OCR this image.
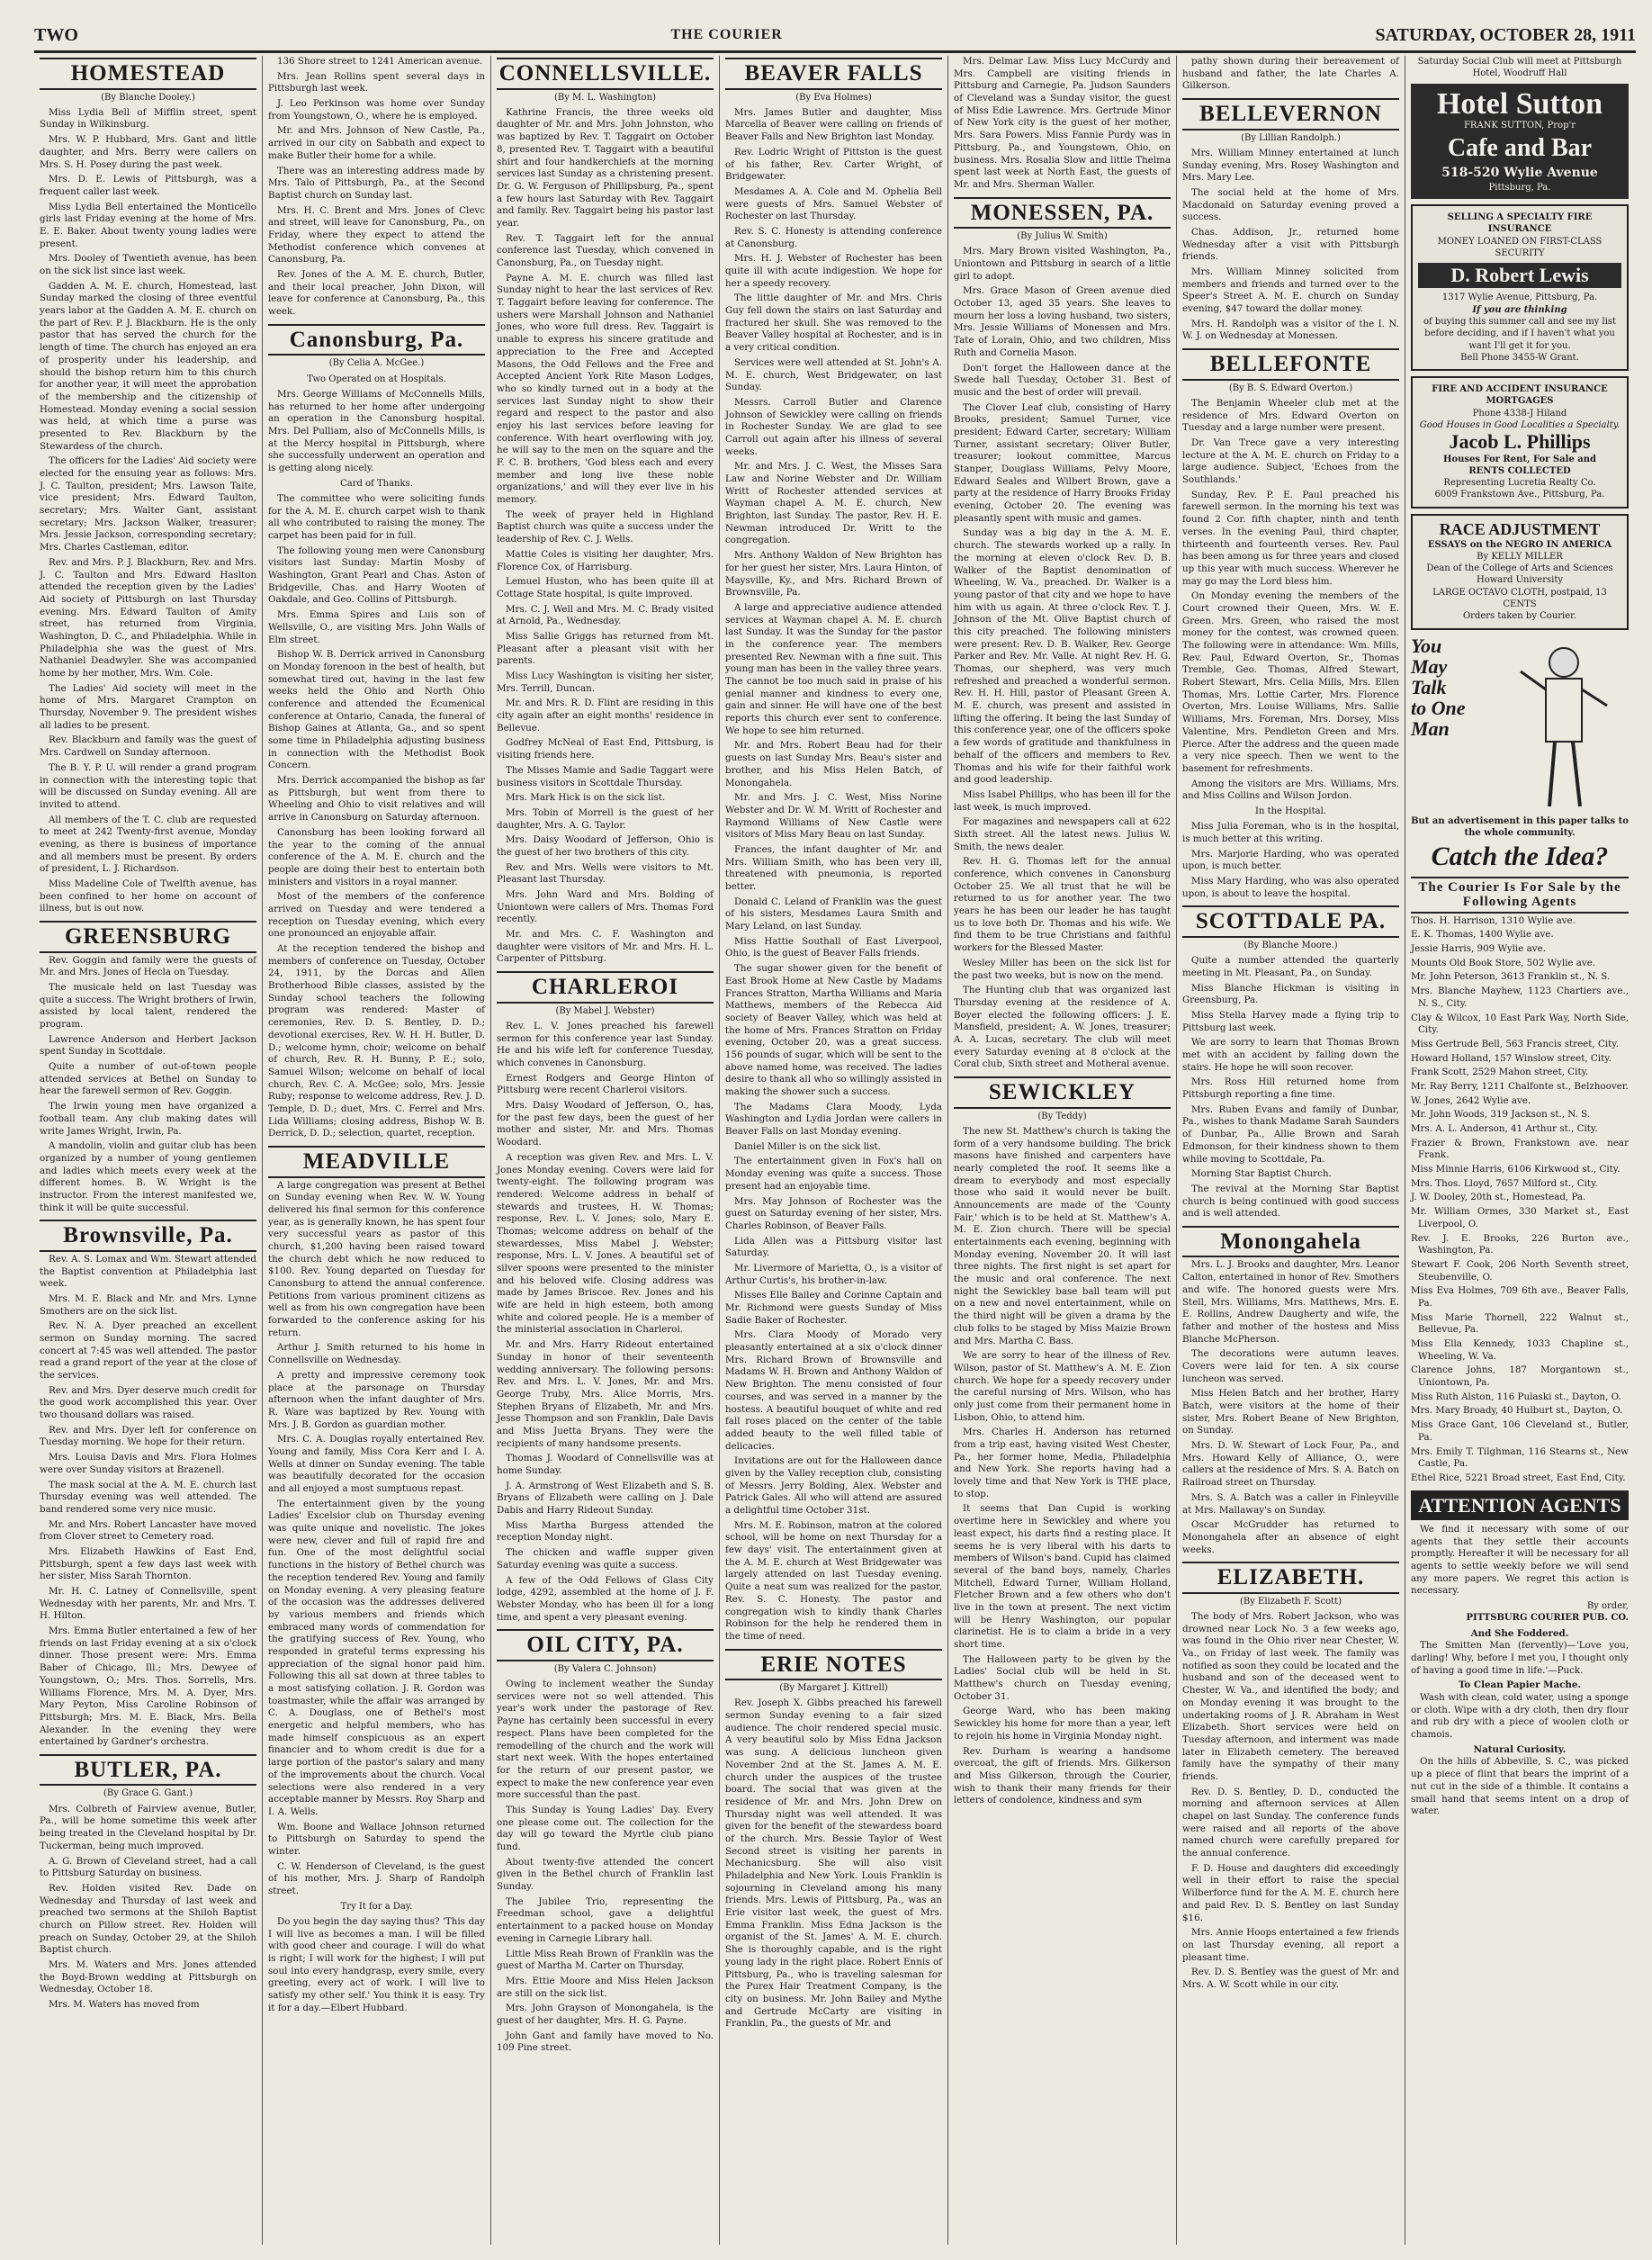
TWO	THE COURIER	SATURDAY, OCTOBER 28, 1911
HOMESTEAD
(By Blanche Dooley.)

Miss Lydia Bell of Mifflin street, spent Sunday in Wilkinsburg.

Mrs. W. P. Hubbard, Mrs. Gant and little daughter, and Mrs. Berry were callers on Mrs. S. H. Posey during the past week.

Mrs. D. E. Lewis of Pittsburgh, was a frequent caller last week.

Miss Lydia Bell entertained the Monticello girls last Friday evening at the home of Mrs. E. E. Baker. About twenty young ladies were present.

Mrs. Dooley of Twentieth avenue, has been on the sick list since last week.

Gadden A. M. E. church, Homestead, last Sunday marked the closing of three eventful years labor at the Gadden A. M. E. church on the part of Rev. P. J. Blackburn. He is the only pastor that has served the church for the length of time. The church has enjoyed an era of prosperity under his leadership, and should the bishop return him to this church for another year, it will meet the approbation of the membership and the citizenship of Homestead. Monday evening a social session was held, at which time a purse was presented to Rev. Blackburn by the Stewardess of the church.

The officers for the Ladies' Aid society were elected for the ensuing year as follows: Mrs. J. C. Taulton, president; Mrs. Lawson Taite, vice president; Mrs. Edward Taulton, secretary; Mrs. Walter Gant, assistant secretary; Mrs. Jackson Walker, treasurer; Mrs. Jessie Jackson, corresponding secretary; Mrs. Charles Castleman, editor.

Rev. and Mrs. P. J. Blackburn, Rev. and Mrs. J. C. Taulton and Mrs. Edward Haslton attended the reception given by the Ladies' Aid society of Pittsburgh on last Thursday evening. Mrs. Edward Taulton of Amity street, has returned from Virginia, Washington, D. C., and Philadelphia. While in Philadelphia she was the guest of Mrs. Nathaniel Deadwyler. She was accompanied home by her mother, Mrs. Wm. Cole.

The Ladies' Aid society will meet in the home of Mrs. Margaret Crampton on Thursday, November 9. The president wishes all ladies to be present.

Rev. Blackburn and family was the guest of Mrs. Cardwell on Sunday afternoon.

The B. Y. P. U. will render a grand program in connection with the interesting topic that will be discussed on Sunday evening. All are invited to attend.

All members of the T. C. club are requested to meet at 242 Twenty-first avenue, Monday evening, as there is business of importance and all members must be present. By orders of president, L. J. Richardson.

Miss Madeline Cole of Twelfth avenue, has been confined to her home on account of illness, but is out now.

GREENSBURG

Rev. Goggin and family were the guests of Mr. and Mrs. Jones of Hecla on Tuesday.

The musicale held on last Tuesday was quite a success. The Wright brothers of Irwin, assisted by local talent, rendered the program.

Lawrence Anderson and Herbert Jackson spent Sunday in Scottdale.

Quite a number of out-of-town people attended services at Bethel on Sunday to hear the farewell sermon of Rev. Goggin.

The Irwin young men have organized a football team. Any club making dates will write James Wright, Irwin, Pa.

A mandolin, violin and guitar club has been organized by a number of young gentlemen and ladies which meets every week at the different homes. B. W. Wright is the instructor. From the interest manifested we, think it will be quite successful.

Brownsville, Pa.

Rev. A. S. Lomax and Wm. Stewart attended the Baptist convention at Philadelphia last week.

Mrs. M. E. Black and Mr. and Mrs. Lynne Smothers are on the sick list.

Rev. N. A. Dyer preached an excellent sermon on Sunday morning. The sacred concert at 7:45 was well attended. The pastor read a grand report of the year at the close of the services.

Rev. and Mrs. Dyer deserve much credit for the good work accomplished this year. Over two thousand dollars was raised.

Rev. and Mrs. Dyer left for conference on Tuesday morning. We hope for their return.

Mrs. Louisa Davis and Mrs. Flora Holmes were over Sunday visitors at Brazenell.

The mask social at the A. M. E. church last Thursday evening was well attended. The band rendered some very nice music.

Mr. and Mrs. Robert Lancaster have moved from Clover street to Cemetery road.

Mrs. Elizabeth Hawkins of East End, Pittsburgh, spent a few days last week with her sister, Miss Sarah Thornton.

Mr. H. C. Latney of Connellsville, spent Wednesday with her parents, Mr. and Mrs. T. H. Hilton.

Mrs. Emma Butler entertained a few of her friends on last Friday evening at a six o'clock dinner. Those present were: Mrs. Emma Baber of Chicago, Ill.; Mrs. Dewyee of Youngstown, O.; Mrs. Thos. Sorrells, Mrs. Williams Florence, Mrs. M. A. Dyer, Mrs. Mary Peyton, Miss Caroline Robinson of Pittsburgh; Mrs. M. E. Black, Mrs. Bella Alexander. In the evening they were entertained by Gardner's orchestra.

BUTLER, PA.
(By Grace G. Gant.)

Mrs. Colbreth of Fairview avenue, Butler, Pa., will be home sometime this week after being treated in the Cleveland hospital by Dr. Tuckerman, being much improved.

A. G. Brown of Cleveland street, had a call to Pittsburg Saturday on business.

Rev. Holden visited Rev. Dade on Wednesday and Thursday of last week and preached two sermons at the Shiloh Baptist church on Pillow street. Rev. Holden will preach on Sunday, October 29, at the Shiloh Baptist church.

Mrs. M. Waters and Mrs. Jones attended the Boyd-Brown wedding at Pittsburgh on Wednesday, October 18.

Mrs. M. Waters has moved from

136 Shore street to 1241 American avenue.

Mrs. Jean Rollins spent several days in Pittsburgh last week.

J. Leo Perkinson was home over Sunday from Youngstown, O., where he is employed.

Mr. and Mrs. Johnson of New Castle, Pa., arrived in our city on Sabbath and expect to make Butler their home for a while.

There was an interesting address made by Mrs. Talo of Pittsburgh, Pa., at the Second Baptist church on Sunday last.

Mrs. H. C. Brent and Mrs. Jones of Clevc and street, will leave for Canonsburg, Pa., on Friday, where they expect to attend the Methodist conference which convenes at Canonsburg, Pa.

Rev. Jones of the A. M. E. church, Butler, and their local preacher, John Dixon, will leave for conference at Canonsburg, Pa., this week.

Canonsburg, Pa.
(By Celia A. McGee.)
Two Operated on at Hospitals.

Mrs. George Williams of McConnells Mills, has returned to her home after undergoing an operation in the Canonsburg hospital. Mrs. Del Pulliam, also of McConnells Mills, is at the Mercy hospital in Pittsburgh, where she successfully underwent an operation and is getting along nicely.

Card of Thanks.

The committee who were soliciting funds for the A. M. E. church carpet wish to thank all who contributed to raising the money. The carpet has been paid for in full.

The following young men were Canonsburg visitors last Sunday: Martin Mosby of Washington, Grant Pearl and Chas. Aston of Bridgeville, Chas. and Harry Wooten of Oakdale, and Geo. Collins of Pittsburgh.

Mrs. Emma Spires and Luis son of Wellsville, O., are visiting Mrs. John Walls of Elm street.

Bishop W. B. Derrick arrived in Canonsburg on Monday forenoon in the best of health, but somewhat tired out, having in the last few weeks held the Ohio and North Ohio conference and attended the Ecumenical conference at Ontario, Canada, the funeral of Bishop Gaines at Atlanta, Ga., and so spent some time in Philadelphia adjusting business in connection with the Methodist Book Concern.

Mrs. Derrick accompanied the bishop as far as Pittsburgh, but went from there to Wheeling and Ohio to visit relatives and will arrive in Canonsburg on Saturday afternoon.

Canonsburg has been looking forward all the year to the coming of the annual conference of the A. M. E. church and the people are doing their best to entertain both ministers and visitors in a royal manner.

Most of the members of the conference arrived on Tuesday and were tendered a reception on Tuesday evening, which every one pronounced an enjoyable affair.

At the reception tendered the bishop and members of conference on Tuesday, October 24, 1911, by the Dorcas and Allen Brotherhood Bible classes, assisted by the Sunday school teachers the following program was rendered: Master of ceremonies, Rev. D. S. Bentley, D. D.; devotional exercises, Rev. W. H. H. Butler, D. D.; welcome hymn, choir; welcome on behalf of church, Rev. R. H. Bunny, P. E.; solo, Samuel Wilson; welcome on behalf of local church, Rev. C. A. McGee; solo, Mrs. Jessie Ruby; response to welcome address, Rev. J. D. Temple, D. D.; duet, Mrs. C. Ferrel and Mrs. Lida Williams; closing address, Bishop W. B. Derrick, D. D.; selection, quartet, reception.

MEADVILLE

A large congregation was present at Bethel on Sunday evening when Rev. W. W. Young delivered his final sermon for this conference year, as is generally known, he has spent four very successful years as pastor of this church, $1,200 having been raised toward the church debt which he now reduced to $100. Rev. Young departed on Tuesday for Canonsburg to attend the annual conference. Petitions from various prominent citizens as well as from his own congregation have been forwarded to the conference asking for his return.

Arthur J. Smith returned to his home in Connellsville on Wednesday.

A pretty and impressive ceremony took place at the parsonage on Thursday afternoon when the infant daughter of Mrs. R. Ware was baptized by Rev. Young with Mrs. J. B. Gordon as guardian mother.

Mrs. C. A. Douglas royally entertained Rev. Young and family, Miss Cora Kerr and I. A. Wells at dinner on Sunday evening. The table was beautifully decorated for the occasion and all enjoyed a most sumptuous repast.

The entertainment given by the young Ladies' Excelsior club on Thursday evening was quite unique and novelistic. The jokes were new, clever and full of rapid fire and fun. One of the most delightful social functions in the history of Bethel church was the reception tendered Rev. Young and family on Monday evening. A very pleasing feature of the occasion was the addresses delivered by various members and friends which embraced many words of commendation for the gratifying success of Rev. Young, who responded in grateful terms expressing his appreciation of the signal honor paid him. Following this all sat down at three tables to a most satisfying collation. J. R. Gordon was toastmaster, while the affair was arranged by C. A. Douglass, one of Bethel's most energetic and helpful members, who has made himself conspicuous as an expert financier and to whom credit is due for a large portion of the pastor's salary and many of the improvements about the church. Vocal selections were also rendered in a very acceptable manner by Messrs. Roy Sharp and I. A. Wells.

Wm. Boone and Wallace Johnson returned to Pittsburgh on Saturday to spend the winter.

C. W. Henderson of Cleveland, is the guest of his mother, Mrs. J. Sharp of Randolph street.

Try It for a Day.

Do you begin the day saying thus? 'This day I will live as becomes a man. I will be filled with good cheer and courage. I will do what is right; I will work for the highest; I will put soul into every handgrasp, every smile, every greeting, every act of work. I will live to satisfy my other self.' You think it is easy. Try it for a day.—Elbert Hubbard.

CONNELLSVILLE.
(By M. L. Washington)

Kathrine Francis, the three weeks old daughter of Mr. and Mrs. John Johnston, who was baptized by Rev. T. Taggairt on October 8, presented Rev. T. Taggairt with a beautiful shirt and four handkerchiefs at the morning services last Sunday as a christening present. Dr. G. W. Ferguson of Phillipsburg, Pa., spent a few hours last Saturday with Rev. Taggairt and family. Rev. Taggairt being his pastor last year.

Rev. T. Taggairt left for the annual conference last Tuesday, which convened in Canonsburg, Pa., on Tuesday night.

Payne A. M. E. church was filled last Sunday night to hear the last services of Rev. T. Taggairt before leaving for conference. The ushers were Marshall Johnson and Nathaniel Jones, who wore full dress. Rev. Taggairt is unable to express his sincere gratitude and appreciation to the Free and Accepted Masons, the Odd Fellows and the Free and Accepted Ancient York Rite Mason Lodges, who so kindly turned out in a body at the services last Sunday night to show their regard and respect to the pastor and also enjoy his last services before leaving for conference. With heart overflowing with joy, he will say to the men on the square and the F. C. B. brothers, 'God bless each and every member and long live these noble organizations,' and will they ever live in his memory.

The week of prayer held in Highland Baptist church was quite a success under the leadership of Rev. C. J. Wells.

Mattie Coles is visiting her daughter, Mrs. Florence Cox, of Harrisburg.

Lemuel Huston, who has been quite ill at Cottage State hospital, is quite improved.

Mrs. C. J. Well and Mrs. M. C. Brady visited at Arnold, Pa., Wednesday.

Miss Sallie Griggs has returned from Mt. Pleasant after a pleasant visit with her parents.

Miss Lucy Washington is visiting her sister, Mrs. Terrill, Duncan.

Mr. and Mrs. R. D. Flint are residing in this city again after an eight months' residence in Bellevue.

Godfrey McNeal of East End, Pittsburg, is visiting friends here.

The Misses Mamie and Sadie Taggart were business visitors in Scottdale Thursday.

Mrs. Mark Hick is on the sick list.

Mrs. Tobin of Morrell is the guest of her daughter, Mrs. A. G. Taylor.

Mrs. Daisy Woodard of Jefferson, Ohio is the guest of her two brothers of this city.

Rev. and Mrs. Wells were visitors to Mt. Pleasant last Thursday.

Mrs. John Ward and Mrs. Bolding of Uniontown were callers of Mrs. Thomas Ford recently.

Mr. and Mrs. C. F. Washington and daughter were visitors of Mr. and Mrs. H. L. Carpenter of Pittsburg.

CHARLEROI
(By Mabel J. Webster)

Rev. L. V. Jones preached his farewell sermon for this conference year last Sunday. He and his wife left for conference Tuesday, which convenes in Canonsburg.

Ernest Rodgers and George Hinton of Pittsburg were recent Charleroi visitors.

Mrs. Daisy Woodard of Jefferson, O., has, for the past few days, been the guest of her mother and sister, Mr. and Mrs. Thomas Woodard.

A reception was given Rev. and Mrs. L. V. Jones Monday evening. Covers were laid for twenty-eight. The following program was rendered: Welcome address in behalf of stewards and trustees, H. W. Thomas; response, Rev. L. V. Jones; solo, Mary E. Thomas; welcome address on behalf of the stewardesses, Miss Mabel J. Webster; response, Mrs. L. V. Jones. A beautiful set of silver spoons were presented to the minister and his beloved wife. Closing address was made by James Briscoe. Rev. Jones and his wife are held in high esteem, both among white and colored people. He is a member of the ministerial association in Charleroi.

Mr. and Mrs. Harry Rideout entertained Sunday in honor of their seventeenth wedding anniversary. The following persons: Rev. and Mrs. L. V. Jones, Mr. and Mrs. George Truby, Mrs. Alice Morris, Mrs. Stephen Bryans of Elizabeth, Mr. and Mrs. Jesse Thompson and son Franklin, Dale Davis and Miss Juetta Bryans. They were the recipients of many handsome presents.

Thomas J. Woodard of Connellsville was at home Sunday.

J. A. Armstrong of West Elizabeth and S. B. Bryans of Elizabeth were calling on J. Dale Dabis and Harry Rideout Sunday.

Miss Martha Burgess attended the reception Monday night.

The chicken and waffle supper given Saturday evening was quite a success.

A few of the Odd Fellows of Glass City lodge, 4292, assembled at the home of J. F. Webster Monday, who has been ill for a long time, and spent a very pleasant evening.

OIL CITY, PA.
(By Valera C. Johnson)

Owing to inclement weather the Sunday services were not so well attended. This year's work under the pastorage of Rev. Payne has certainly been successful in every respect. Plans have been completed for the remodelling of the church and the work will start next week. With the hopes entertained for the return of our present pastor, we expect to make the new conference year even more successful than the past.

This Sunday is Young Ladies' Day. Every one please come out. The collection for the day will go toward the Myrtle club piano fund.

About twenty-five attended the concert given in the Bethel church of Franklin last Sunday.

The Jubilee Trio, representing the Freedman school, gave a delightful entertainment to a packed house on Monday evening in Carnegie Library hall.

Little Miss Reah Brown of Franklin was the guest of Martha M. Carter on Thursday.

Mrs. Ettie Moore and Miss Helen Jackson are still on the sick list.

Mrs. John Grayson of Monongahela, is the guest of her daughter, Mrs. H. G. Payne.

John Gant and family have moved to No. 109 Pine street.

BEAVER FALLS
(By Eva Holmes)

Mrs. James Butler and daughter, Miss Marcella of Beaver were calling on friends of Beaver Falls and New Brighton last Monday.

Rev. Lodric Wright of Pittston is the guest of his father, Rev. Carter Wright, of Bridgewater.

Mesdames A. A. Cole and M. Ophelia Bell were guests of Mrs. Samuel Webster of Rochester on last Thursday.

Rev. S. C. Honesty is attending conference at Canonsburg.

Mrs. H. J. Webster of Rochester has been quite ill with acute indigestion. We hope for her a speedy recovery.

The little daughter of Mr. and Mrs. Chris Guy fell down the stairs on last Saturday and fractured her skull. She was removed to the Beaver Valley hospital at Rochester, and is in a very critical condition.

Services were well attended at St. John's A. M. E. church, West Bridgewater, on last Sunday.

Messrs. Carroll Butler and Clarence Johnson of Sewickley were calling on friends in Rochester Sunday. We are glad to see Carroll out again after his illness of several weeks.

Mr. and Mrs. J. C. West, the Misses Sara Law and Norine Webster and Dr. William Writt of Rochester attended services at Wayman chapel A. M. E. church, New Brighton, last Sunday. The pastor, Rev. H. E. Newman introduced Dr. Writt to the congregation.

Mrs. Anthony Waldon of New Brighton has for her guest her sister, Mrs. Laura Hinton, of Maysville, Ky., and Mrs. Richard Brown of Brownsville, Pa.

A large and appreciative audience attended services at Wayman chapel A. M. E. church last Sunday. It was the Sunday for the pastor in the conference year. The members presented Rev. Newman with a fine suit. This young man has been in the valley three years. The cannot be too much said in praise of his genial manner and kindness to every one, gain and sinner. He will have one of the best reports this church ever sent to conference. We hope to see him returned.

Mr. and Mrs. Robert Beau had for their guests on last Sunday Mrs. Beau's sister and brother, and his Miss Helen Batch, of Monongahela.

Mr. and Mrs. J. C. West, Miss Norine Webster and Dr. W. M. Writt of Rochester and Raymond Williams of New Castle were visitors of Miss Mary Beau on last Sunday.

Frances, the infant daughter of Mr. and Mrs. William Smith, who has been very ill, threatened with pneumonia, is reported better.

Donald C. Leland of Franklin was the guest of his sisters, Mesdames Laura Smith and Mary Leland, on last Sunday.

Miss Hattie Southall of East Liverpool, Ohio, is the guest of Beaver Falls friends.

The sugar shower given for the benefit of East Brook Home at New Castle by Madams Frances Stratton, Martha Williams and Maria Matthews, members of the Rebecca Aid society of Beaver Valley, which was held at the home of Mrs. Frances Stratton on Friday evening, October 20, was a great success. 156 pounds of sugar, which will be sent to the above named home, was received. The ladies desire to thank all who so willingly assisted in making the shower such a success.

The Madams Clara Moody, Lyda Washington and Lydia Jordan were callers in Beaver Falls on last Monday evening.

Daniel Miller is on the sick list.

The entertainment given in Fox's hall on Monday evening was quite a success. Those present had an enjoyable time.

Mrs. May Johnson of Rochester was the guest on Saturday evening of her sister, Mrs. Charles Robinson, of Beaver Falls.

Lida Allen was a Pittsburg visitor last Saturday.

Mr. Livermore of Marietta, O., is a visitor of Arthur Curtis's, his brother-in-law.

Misses Elle Bailey and Corinne Captain and Mr. Richmond were guests Sunday of Miss Sadie Baker of Rochester.

Mrs. Clara Moody of Morado very pleasantly entertained at a six o'clock dinner Mrs. Richard Brown of Brownsville and Madams W. H. Brown and Anthony Waldon of New Brighton. The menu consisted of four courses, and was served in a manner by the hostess. A beautiful bouquet of white and red fall roses placed on the center of the table added beauty to the well filled table of delicacies.

Invitations are out for the Halloween dance given by the Valley reception club, consisting of Messrs. Jerry Bolding, Alex. Webster and Patrick Gales. All who will attend are assured a delightful time October 31st.

Mrs. M. E. Robinson, matron at the colored school, will be home on next Thursday for a few days' visit. The entertainment given at the A. M. E. church at West Bridgewater was largely attended on last Tuesday evening. Quite a neat sum was realized for the pastor, Rev. S. C. Honesty. The pastor and congregation wish to kindly thank Charles Robinson for the help he rendered them in the time of need.

ERIE NOTES
(By Margaret J. Kittrell)

Rev. Joseph X. Gibbs preached his farewell sermon Sunday evening to a fair sized audience. The choir rendered special music. A very beautiful solo by Miss Edna Jackson was sung. A delicious luncheon given November 2nd at the St. James A. M. E. church under the auspices of the trustee board. The social that was given at the residence of Mr. and Mrs. John Drew on Thursday night was well attended. It was given for the benefit of the stewardess board of the church. Mrs. Bessie Taylor of West Second street is visiting her parents in Mechanicsburg. She will also visit Philadelphia and New York. Louis Franklin is sojourning in Cleveland among his many friends. Mrs. Lewis of Pittsburg, Pa., was an Erie visitor last week, the guest of Mrs. Emma Franklin. Miss Edna Jackson is the organist of the St. James' A. M. E. church. She is thoroughly capable, and is the right young lady in the right place. Robert Ennis of Pittsburg, Pa., who is traveling salesman for the Purex Hair Treatment Company, is the city on business. Mr. John Bailey and Mythe and Gertrude McCarty are visiting in Franklin, Pa., the guests of Mr. and

Mrs. Delmar Law. Miss Lucy McCurdy and Mrs. Campbell are visiting friends in Pittsburg and Carnegie, Pa. Judson Saunders of Cleveland was a Sunday visitor, the guest of Miss Edie Lawrence. Mrs. Gertrude Minor of New York city is the guest of her mother, Mrs. Sara Powers. Miss Fannie Purdy was in Pittsburg, Pa., and Youngstown, Ohio, on business. Mrs. Rosalia Slow and little Thelma spent last week at North East, the guests of Mr. and Mrs. Sherman Waller.

MONESSEN, PA.
(By Julius W. Smith)

Mrs. Mary Brown visited Washington, Pa., Uniontown and Pittsburg in search of a little girl to adopt.

Mrs. Grace Mason of Green avenue died October 13, aged 35 years. She leaves to mourn her loss a loving husband, two sisters, Mrs. Jessie Williams of Monessen and Mrs. Tate of Lorain, Ohio, and two children, Miss Ruth and Cornelia Mason.

Don't forget the Halloween dance at the Swede hall Tuesday, October 31. Best of music and the best of order will prevail.

The Clover Leaf club, consisting of Harry Brooks, president; Samuel Turner, vice president; Edward Carter, secretary; William Turner, assistant secretary; Oliver Butler, treasurer; lookout committee, Marcus Stanper, Douglass Williams, Pelvy Moore, Edward Seales and Wilbert Brown, gave a party at the residence of Harry Brooks Friday evening, October 20. The evening was pleasantly spent with music and games.

Sunday was a big day in the A. M. E. church. The stewards worked up a rally. In the morning at eleven o'clock Rev. D. B. Walker of the Baptist denomination of Wheeling, W. Va., preached. Dr. Walker is a young pastor of that city and we hope to have him with us again. At three o'clock Rev. T. J. Johnson of the Mt. Olive Baptist church of this city preached. The following ministers were present: Rev. D. B. Walker, Rev. George Parker and Rev. Mr. Valle. At night Rev. H. G. Thomas, our shepherd, was very much refreshed and preached a wonderful sermon. Rev. H. H. Hill, pastor of Pleasant Green A. M. E. church, was present and assisted in lifting the offering. It being the last Sunday of this conference year, one of the officers spoke a few words of gratitude and thankfulness in behalf of the officers and members to Rev. Thomas and his wife for their faithful work and good leadership.

Miss Isabel Phillips, who has been ill for the last week, is much improved.

For magazines and newspapers call at 622 Sixth street. All the latest news. Julius W. Smith, the news dealer.

Rev. H. G. Thomas left for the annual conference, which convenes in Canonsburg October 25. We all trust that he will be returned to us for another year. The two years he has been our leader he has taught us to love both Dr. Thomas and his wife. We find them to be true Christians and faithful workers for the Blessed Master.

Wesley Miller has been on the sick list for the past two weeks, but is now on the mend.

The Hunting club that was organized last Thursday evening at the residence of A. Boyer elected the following officers: J. E. Mansfield, president; A. W. Jones, treasurer; A. A. Lucas, secretary. The club will meet every Saturday evening at 8 o'clock at the Coral club, Sixth street and Motheral avenue.

SEWICKLEY
(By Teddy)

The new St. Matthew's church is taking the form of a very handsome building. The brick masons have finished and carpenters have nearly completed the roof. It seems like a dream to everybody and most especially those who said it would never be built. Announcements are made of the 'County Fair,' which is to be held at St. Matthew's A. M. E. Zion church. There will be special entertainments each evening, beginning with Monday evening, November 20. It will last three nights. The first night is set apart for the music and oral conference. The next night the Sewickley base ball team will put on a new and novel entertainment, while on the third night will be given a drama by the club folks to be staged by Miss Maizie Brown and Mrs. Martha C. Bass.

We are sorry to hear of the illness of Rev. Wilson, pastor of St. Matthew's A. M. E. Zion church. We hope for a speedy recovery under the careful nursing of Mrs. Wilson, who has only just come from their permanent home in Lisbon, Ohio, to attend him.

Mrs. Charles H. Anderson has returned from a trip east, having visited West Chester, Pa., her former home, Media, Philadelphia and New York. She reports having had a lovely time and that New York is THE place, to stop.

It seems that Dan Cupid is working overtime here in Sewickley and where you least expect, his darts find a resting place. It seems he is very liberal with his darts to members of Wilson's band. Cupid has claimed several of the band boys, namely, Charles Mitchell, Edward Turner, William Holland, Fletcher Brown and a few others who don't live in the town at present. The next victim will be Henry Washington, our popular clarinetist. He is to claim a bride in a very short time.

The Halloween party to be given by the Ladies' Social club will be held in St. Matthew's church on Tuesday evening, October 31.

George Ward, who has been making Sewickley his home for more than a year, left to rejoin his home in Virginia Monday night.

Rev. Durham is wearing a handsome overcoat, the gift of friends. Mrs. Gilkerson and Miss Gilkerson, through the Courier, wish to thank their many friends for their letters of condolence, kindness and sym

pathy shown during their bereavement of husband and father, the late Charles A. Gilkerson.

BELLEVERNON
(By Lillian Randolph.)

Mrs. William Minney entertained at lunch Sunday evening, Mrs. Rosey Washington and Mrs. Mary Lee.

The social held at the home of Mrs. Macdonald on Saturday evening proved a success.

Chas. Addison, Jr., returned home Wednesday after a visit with Pittsburgh friends.

Mrs. William Minney solicited from members and friends and turned over to the Speer's Street A. M. E. church on Sunday evening, $47 toward the dollar money.

Mrs. H. Randolph was a visitor of the I. N. W. J. on Wednesday at Monessen.

BELLEFONTE
(By B. S. Edward Overton.)

The Benjamin Wheeler club met at the residence of Mrs. Edward Overton on Tuesday and a large number were present.

Dr. Van Trece gave a very interesting lecture at the A. M. E. church on Friday to a large audience. Subject, 'Echoes from the Southlands.'

Sunday, Rev. P. E. Paul preached his farewell sermon. In the morning his text was found 2 Cor. fifth chapter, ninth and tenth verses. In the evening Paul, third chapter, thirteenth and fourteenth verses. Rev. Paul has been among us for three years and closed up this year with much success. Wherever he may go may the Lord bless him.

On Monday evening the members of the Court crowned their Queen, Mrs. W. E. Green. Mrs. Green, who raised the most money for the contest, was crowned queen. The following were in attendance: Wm. Mills, Rev. Paul, Edward Overton, Sr., Thomas Tremble, Geo. Thomas, Alfred Stewart, Robert Stewart, Mrs. Celia Mills, Mrs. Ellen Thomas, Mrs. Lottie Carter, Mrs. Florence Overton, Mrs. Louise Williams, Mrs. Sallie Williams, Mrs. Foreman, Mrs. Dorsey, Miss Valentine, Mrs. Pendleton Green and Mrs. Pierce. After the address and the queen made a very nice speech. Then we went to the basement for refreshments.

Among the visitors are Mrs. Williams, Mrs. and Miss Collins and Wilson Jordon.

In the Hospital.

Miss Julia Foreman, who is in the hospital, is much better at this writing.

Mrs. Marjorie Harding, who was operated upon, is much better.

Miss Mary Harding, who was also operated upon, is about to leave the hospital.

SCOTTDALE PA.
(By Blanche Moore.)

Quite a number attended the quarterly meeting in Mt. Pleasant, Pa., on Sunday.

Miss Blanche Hickman is visiting in Greensburg, Pa.

Miss Stella Harvey made a flying trip to Pittsburg last week.

We are sorry to learn that Thomas Brown met with an accident by falling down the stairs. He hope he will soon recover.

Mrs. Ross Hill returned home from Pittsburgh reporting a fine time.

Mrs. Ruben Evans and family of Dunbar, Pa., wishes to thank Madame Sarah Saunders of Dunbar, Pa., Allie Brown and Sarah Edmonson, for their kindness shown to them while moving to Scottdale, Pa.

Morning Star Baptist Church.

The revival at the Morning Star Baptist church is being continued with good success and is well attended.

Monongahela

Mrs. L. J. Brooks and daughter, Mrs. Leanor Calton, entertained in honor of Rev. Smothers and wife. The honored guests were Mrs. Stell, Mrs. Williams, Mrs. Matthews, Mrs. E. E. Rollins, Andrew Daugherty and wife, the father and mother of the hostess and Miss Blanche McPherson.

The decorations were autumn leaves. Covers were laid for ten. A six course luncheon was served.

Miss Helen Batch and her brother, Harry Batch, were visitors at the home of their sister, Mrs. Robert Beane of New Brighton, on Sunday.

Mrs. D. W. Stewart of Lock Four, Pa., and Mrs. Howard Kelly of Alliance, O., were callers at the residence of Mrs. S. A. Batch on Railroad street on Thursday.

Mrs. S. A. Batch was a caller in Finleyville at Mrs. Mallaway's on Sunday.

Oscar McGrudder has returned to Monongahela after an absence of eight weeks.

ELIZABETH.
(By Elizabeth F. Scott)

The body of Mrs. Robert Jackson, who was drowned near Lock No. 3 a few weeks ago, was found in the Ohio river near Chester, W. Va., on Friday of last week. The family was notified as soon they could be located and the husband and son of the deceased went to Chester, W. Va., and identified the body; and on Monday evening it was brought to the undertaking rooms of J. R. Abraham in West Elizabeth. Short services were held on Tuesday afternoon, and interment was made later in Elizabeth cemetery. The bereaved family have the sympathy of their many friends.

Rev. D. S. Bentley, D. D., conducted the morning and afternoon services at Allen chapel on last Sunday. The conference funds were raised and all reports of the above named church were carefully prepared for the annual conference.

F. D. House and daughters did exceedingly well in their effort to raise the special Wilberforce fund for the A. M. E. church here and paid Rev. D. S. Bentley on last Sunday $16.

Mrs. Annie Hoops entertained a few friends on last Thursday evening, all report a pleasant time.

Rev. D. S. Bentley was the guest of Mr. and Mrs. A. W. Scott while in our city.

Saturday Social Club will meet at Pittsburgh Hotel, Woodruff Hall
Hotel Sutton
FRANK SUTTON, Prop'r
Cafe and Bar
518-520 Wylie Avenue
Pittsburg, Pa.
SELLING A SPECIALTY FIRE INSURANCE
MONEY LOANED ON FIRST-CLASS SECURITY
D. Robert Lewis
1317 Wylie Avenue, Pittsburg, Pa.
If you are thinking
of buying this summer call and see my list before deciding, and if I haven't what you want I'll get it for you.
Bell Phone 3455-W Grant.
FIRE AND ACCIDENT INSURANCE MORTGAGES
Phone 4338-J Hiland
Good Houses in Good Localities a Specialty.
Jacob L. Phillips
Houses For Rent, For Sale and
RENTS COLLECTED
Representing Lucretia Realty Co.
6009 Frankstown Ave., Pittsburg, Pa.
RACE ADJUSTMENT
ESSAYS on the NEGRO IN AMERICA
By KELLY MILLER
Dean of the College of Arts and Sciences Howard University
LARGE OCTAVO CLOTH, postpaid, 13 CENTS
Orders taken by Courier.
You
May
Talk
to One
Man
But an advertisement in this paper talks to the whole community.
Catch the Idea?
The Courier Is For Sale by the Following Agents
Thos. H. Harrison, 1310 Wylie ave.
E. K. Thomas, 1400 Wylie ave.
Jessie Harris, 909 Wylie ave.
Mounts Old Book Store, 502 Wylie ave.
Mr. John Peterson, 3613 Franklin st., N. S.
Mrs. Blanche Mayhew, 1123 Chartiers ave., N. S., City.
Clay & Wilcox, 10 East Park Way, North Side, City.
Miss Gertrude Bell, 563 Francis street, City.
Howard Holland, 157 Winslow street, City.
Frank Scott, 2529 Mahon street, City.
Mr. Ray Berry, 1211 Chalfonte st., Belzhoover.
W. Jones, 2642 Wylie ave.
Mr. John Woods, 319 Jackson st., N. S.
Mrs. A. L. Anderson, 41 Arthur st., City.
Frazier & Brown, Frankstown ave. near Frank.
Miss Minnie Harris, 6106 Kirkwood st., City.
Mrs. Thos. Lloyd, 7657 Milford st., City.
J. W. Dooley, 20th st., Homestead, Pa.
Mr. William Ormes, 330 Market st., East Liverpool, O.
Rev. J. E. Brooks, 226 Burton ave., Washington, Pa.
Stewart F. Cook, 206 North Seventh street, Steubenville, O.
Miss Eva Holmes, 709 6th ave., Beaver Falls, Pa.
Miss Marie Thornell, 222 Walnut st., Bellevue, Pa.
Miss Ella Kennedy, 1033 Chapline st., Wheeling, W. Va.
Clarence Johns, 187 Morgantown st., Uniontown, Pa.
Miss Ruth Alston, 116 Pulaski st., Dayton, O.
Mrs. Mary Broady, 40 Hulburt st., Dayton, O.
Miss Grace Gant, 106 Cleveland st., Butler, Pa.
Mrs. Emily T. Tilghman, 116 Stearns st., New Castle, Pa.
Ethel Rice, 5221 Broad street, East End, City.
ATTENTION AGENTS

We find it necessary with some of our agents that they settle their accounts promptly. Hereafter it will be necessary for all agents to settle weekly before we will send any more papers. We regret this action is necessary.

By order,
PITTSBURG COURIER PUB. CO.
And She Foddered.

The Smitten Man (fervently)—'Love you, darling! Why, before I met you, I thought only of having a good time in life.'—Puck.

To Clean Papier Mache.

Wash with clean, cold water, using a sponge or cloth. Wipe with a dry cloth, then dry flour and rub dry with a piece of woolen cloth or chamois.

Natural Curiosity.

On the hills of Abbeville, S. C., was picked up a piece of flint that bears the imprint of a nut cut in the side of a thimble. It contains a small hand that seems intent on a drop of water.
